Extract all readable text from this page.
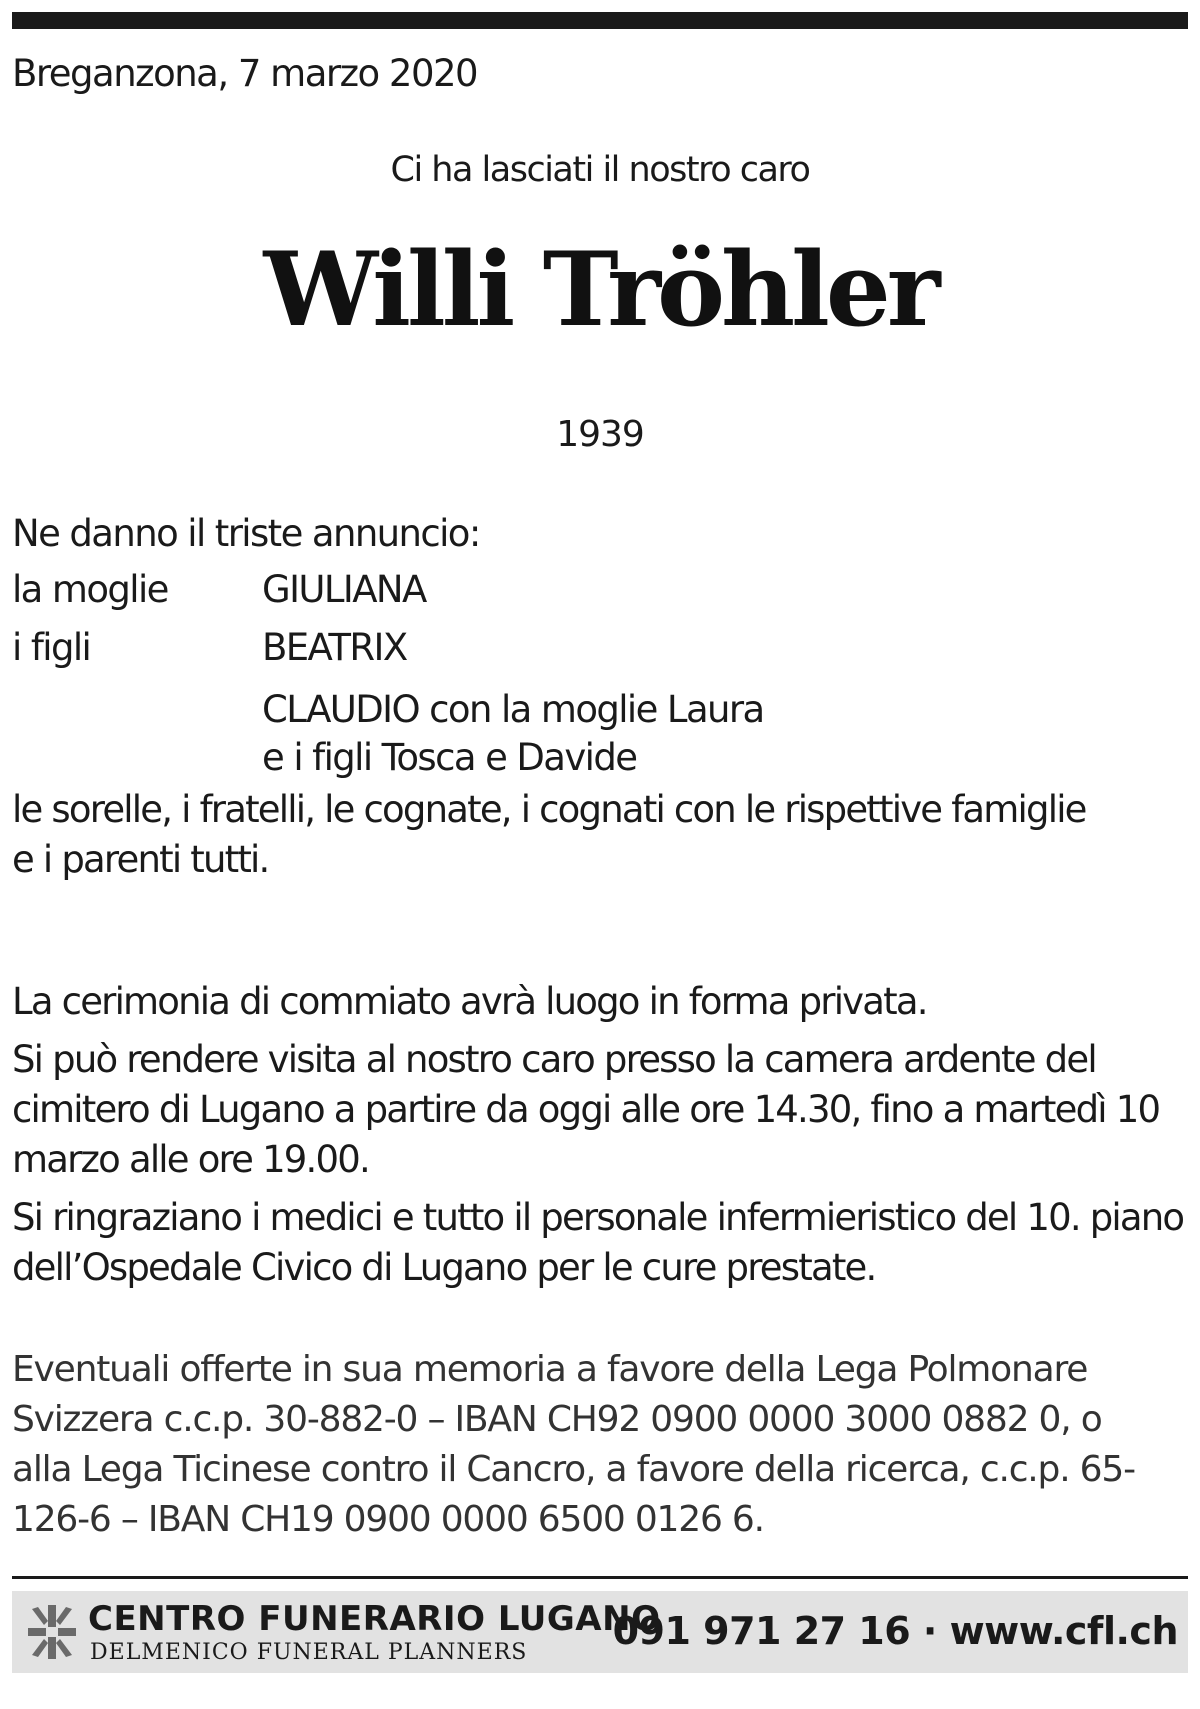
Breganzona, 7 marzo 2020
Ci ha lasciati il nostro caro
Willi Tröhler
1939
Ne danno il triste annuncio:
la moglie	GIULIANA
i figli	BEATRIX
CLAUDIO con la moglie Laura
e i figli Tosca e Davide
le sorelle, i fratelli, le cognate, i cognati con le rispettive famiglie
e i parenti tutti.
La cerimonia di commiato avrà luogo in forma privata.
Si può rendere visita al nostro caro presso la camera ardente del
cimitero di Lugano a partire da oggi alle ore 14.30, fino a martedì 10
marzo alle ore 19.00.
Si ringraziano i medici e tutto il personale infermieristico del 10. piano
dell’Ospedale Civico di Lugano per le cure prestate.
Eventuali offerte in sua memoria a favore della Lega Polmonare
Svizzera c.c.p. 30-882-0 – IBAN CH92 0900 0000 3000 0882 0, o
alla Lega Ticinese contro il Cancro, a favore della ricerca, c.c.p. 65-
126-6 – IBAN CH19 0900 0000 6500 0126 6.
CENTRO FUNERARIO LUGANO
DELMENICO FUNERAL PLANNERS 091 971 27 16 · www.cfl.ch
